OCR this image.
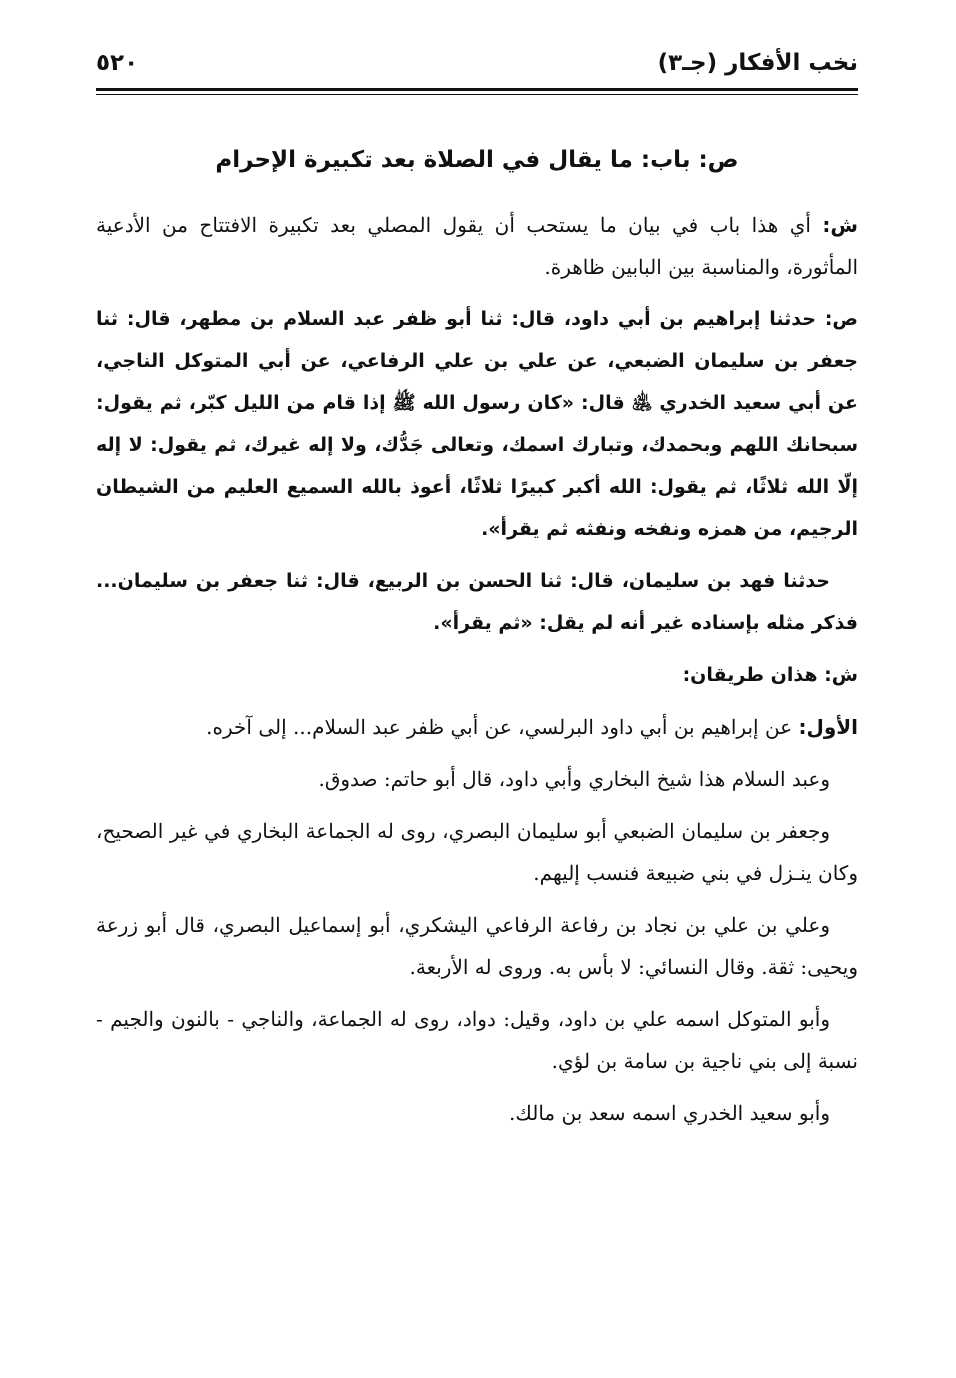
نخب الأفكار (جـ٣)
٥٢٠
ص: باب: ما يقال في الصلاة بعد تكبيرة الإحرام

ش: أي هذا باب في بيان ما يستحب أن يقول المصلي بعد تكبيرة الافتتاح من الأدعية المأثورة، والمناسبة بين البابين ظاهرة.

ص: حدثنا إبراهيم بن أبي داود، قال: ثنا أبو ظفر عبد السلام بن مطهر، قال: ثنا جعفر بن سليمان الضبعي، عن علي بن علي الرفاعي، عن أبي المتوكل الناجي، عن أبي سعيد الخدري ﵁ قال: «كان رسول الله ﷺ إذا قام من الليل كبّر، ثم يقول: سبحانك اللهم وبحمدك، وتبارك اسمك، وتعالى جَدُّك، ولا إله غيرك، ثم يقول: لا إله إلّا الله ثلاثًا، ثم يقول: الله أكبر كبيرًا ثلاثًا، أعوذ بالله السميع العليم من الشيطان الرجيم، من همزه ونفخه ونفثه ثم يقرأ».

حدثنا فهد بن سليمان، قال: ثنا الحسن بن الربيع، قال: ثنا جعفر بن سليمان... فذكر مثله بإسناده غير أنه لم يقل: «ثم يقرأ».

ش: هذان طريقان:

الأول: عن إبراهيم بن أبي داود البرلسي، عن أبي ظفر عبد السلام... إلى آخره.

وعبد السلام هذا شيخ البخاري وأبي داود، قال أبو حاتم: صدوق.

وجعفر بن سليمان الضبعي أبو سليمان البصري، روى له الجماعة البخاري في غير الصحيح، وكان ينـزل في بني ضبيعة فنسب إليهم.

وعلي بن علي بن نجاد بن رفاعة الرفاعي اليشكري، أبو إسماعيل البصري، قال أبو زرعة ويحيى: ثقة. وقال النسائي: لا بأس به. وروى له الأربعة.

وأبو المتوكل اسمه علي بن داود، وقيل: دواد، روى له الجماعة، والناجي - بالنون والجيم - نسبة إلى بني ناجية بن سامة بن لؤي.

وأبو سعيد الخدري اسمه سعد بن مالك.
